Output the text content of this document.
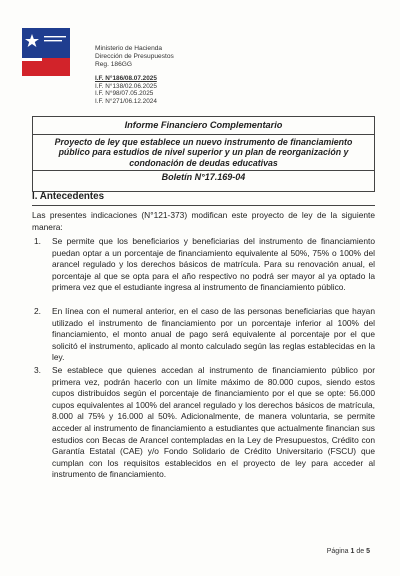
Ministerio de Hacienda
Dirección de Presupuestos
Reg. 186GG
I.F. N°186/08.07.2025
I.F. N°138/02.06.2025
I.F. N°98/07.05.2025
I.F. N°271/06.12.2024
Informe Financiero Complementario
Proyecto de ley que establece un nuevo instrumento de financiamiento público para estudios de nivel superior y un plan de reorganización y condonación de deudas educativas
Boletín N°17.169-04
I. Antecedentes
Las presentes indicaciones (N°121-373) modifican este proyecto de ley de la siguiente manera:
1. Se permite que los beneficiarios y beneficiarias del instrumento de financiamiento puedan optar a un porcentaje de financiamiento equivalente al 50%, 75% o 100% del arancel regulado y los derechos básicos de matrícula. Para su renovación anual, el porcentaje al que se opta para el año respectivo no podrá ser mayor al ya optado la primera vez que el estudiante ingresa al instrumento de financiamiento público.
2. En línea con el numeral anterior, en el caso de las personas beneficiarias que hayan utilizado el instrumento de financiamiento por un porcentaje inferior al 100% del financiamiento, el monto anual de pago será equivalente al porcentaje por el que solicitó el instrumento, aplicado al monto calculado según las reglas establecidas en la ley.
3. Se establece que quienes accedan al instrumento de financiamiento público por primera vez, podrán hacerlo con un límite máximo de 80.000 cupos, siendo estos cupos distribuidos según el porcentaje de financiamiento por el que se opte: 56.000 cupos equivalentes al 100% del arancel regulado y los derechos básicos de matrícula, 8.000 al 75% y 16.000 al 50%. Adicionalmente, de manera voluntaria, se permite acceder al instrumento de financiamiento a estudiantes que actualmente financian sus estudios con Becas de Arancel contempladas en la Ley de Presupuestos, Crédito con Garantía Estatal (CAE) y/o Fondo Solidario de Crédito Universitario (FSCU) que cumplan con los requisitos establecidos en el proyecto de ley para acceder al instrumento de financiamiento.
Página 1 de 5
